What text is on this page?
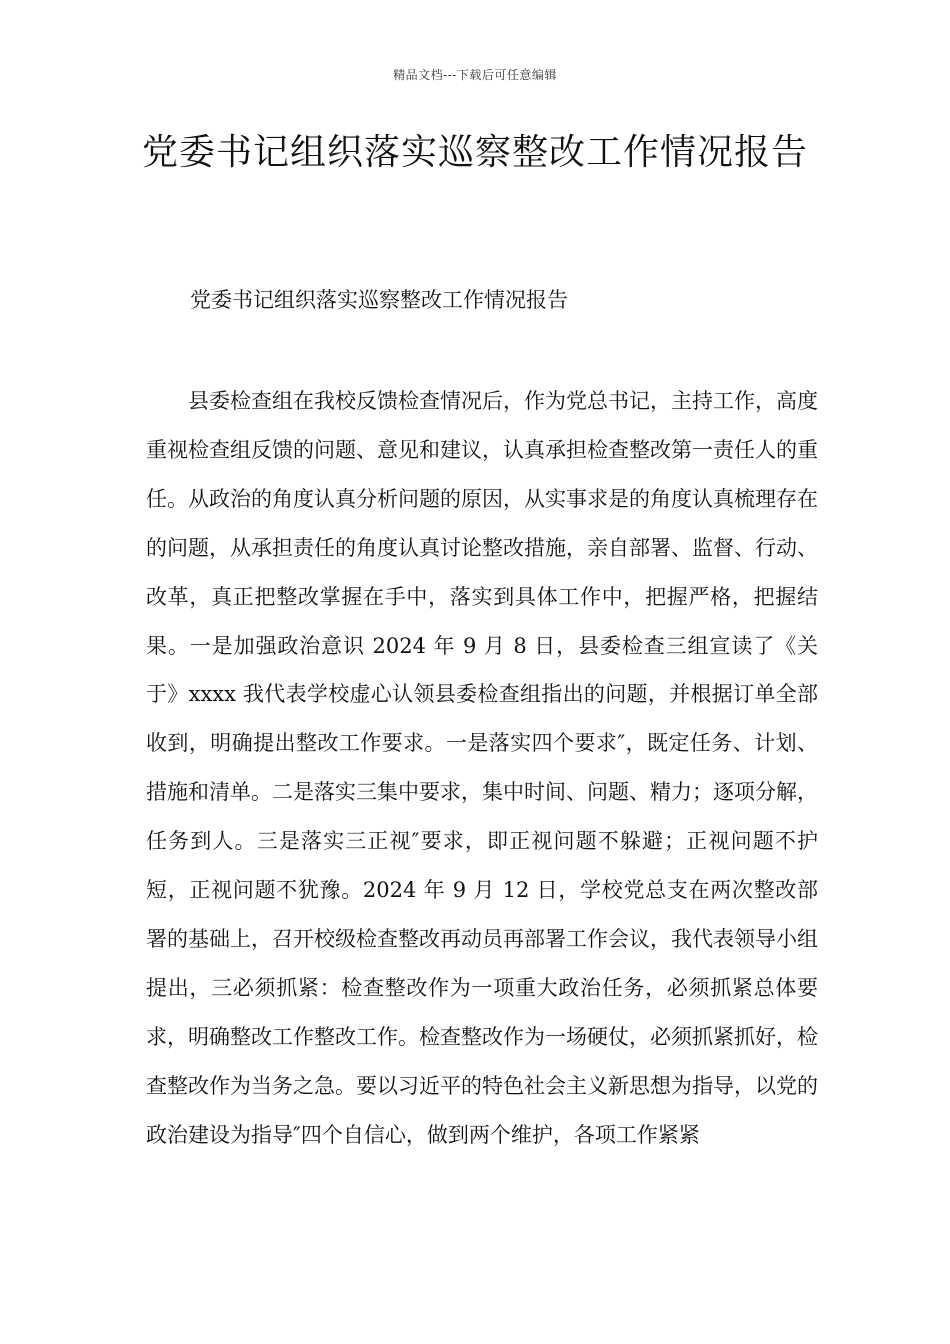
精品文档---下载后可任意编辑
党委书记组织落实巡察整改工作情况报告
党委书记组织落实巡察整改工作情况报告

县委检查组在我校反馈检查情况后，作为党总书记，主持工作，高度重视检查组反馈的问题、意见和建议，认真承担检查整改第一责任人的重任。从政治的角度认真分析问题的原因，从实事求是的角度认真梳理存在的问题，从承担责任的角度认真讨论整改措施，亲自部署、监督、行动、改革，真正把整改掌握在手中，落实到具体工作中，把握严格，把握结果。一是加强政治意识 2024 年 9 月 8 日，县委检查三组宣读了《关于》xxxx 我代表学校虚心认领县委检查组指出的问题，并根据订单全部收到，明确提出整改工作要求。一是落实四个要求″，既定任务、计划、措施和清单。二是落实三集中要求，集中时间、问题、精力；逐项分解，任务到人。三是落实三正视″要求，即正视问题不躲避；正视问题不护短，正视问题不犹豫。2024 年 9 月 12 日，学校党总支在两次整改部署的基础上，召开校级检查整改再动员再部署工作会议，我代表领导小组提出，三必须抓紧：检查整改作为一项重大政治任务，必须抓紧总体要求，明确整改工作整改工作。检查整改作为一场硬仗，必须抓紧抓好，检查整改作为当务之急。要以习近平的特色社会主义新思想为指导，以党的政治建设为指导″四个自信心，做到两个维护，各项工作紧紧
